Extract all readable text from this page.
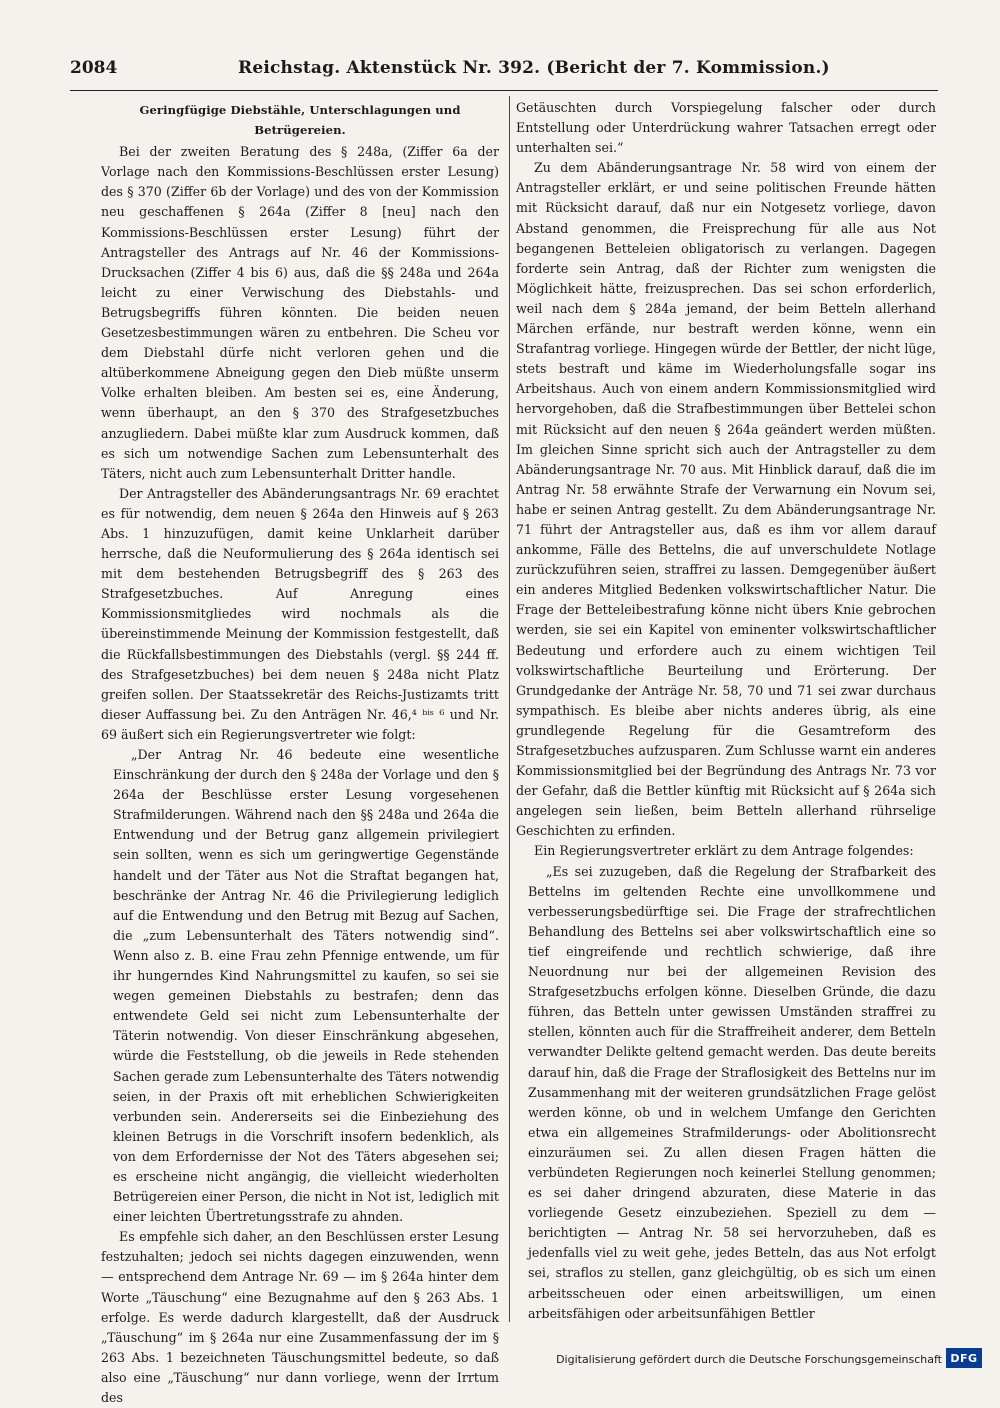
2084	Reichstag. Aktenstück Nr. 392. (Bericht der 7. Kommission.)
Geringfügige Diebstähle, Unterschlagungen und Betrügereien.

Bei der zweiten Beratung des § 248a, (Ziffer 6a der Vorlage nach den Kommissions-Beschlüssen erster Lesung) des § 370 (Ziffer 6b der Vorlage) und des von der Kommission neu geschaffenen § 264a (Ziffer 8 [neu] nach den Kommissions-Beschlüssen erster Lesung) führt der Antragsteller des Antrags auf Nr. 46 der Kommissions-Drucksachen (Ziffer 4 bis 6) aus, daß die §§ 248a und 264a leicht zu einer Verwischung des Diebstahls- und Betrugsbegriffs führen könnten. Die beiden neuen Gesetzesbestimmungen wären zu entbehren. Die Scheu vor dem Diebstahl dürfe nicht verloren gehen und die altüberkommene Abneigung gegen den Dieb müßte unserm Volke erhalten bleiben. Am besten sei es, eine Änderung, wenn überhaupt, an den § 370 des Strafgesetzbuches anzugliedern. Dabei müßte klar zum Ausdruck kommen, daß es sich um notwendige Sachen zum Lebensunterhalt des Täters, nicht auch zum Lebensunterhalt Dritter handle.

Der Antragsteller des Abänderungsantrags Nr. 69 erachtet es für notwendig, dem neuen § 264a den Hinweis auf § 263 Abs. 1 hinzuzufügen, damit keine Unklarheit darüber herrsche, daß die Neuformulierung des § 264a identisch sei mit dem bestehenden Betrugsbegriff des § 263 des Strafgesetzbuches. Auf Anregung eines Kommissionsmitgliedes wird nochmals als die übereinstimmende Meinung der Kommission festgestellt, daß die Rückfallsbestimmungen des Diebstahls (vergl. §§ 244 ff. des Strafgesetzbuches) bei dem neuen § 248a nicht Platz greifen sollen. Der Staatssekretär des Reichs-Justizamts tritt dieser Auffassung bei. Zu den Anträgen Nr. 46,⁴ ᵇⁱˢ ⁶ und Nr. 69 äußert sich ein Regierungsvertreter wie folgt:

„Der Antrag Nr. 46 bedeute eine wesentliche Einschränkung der durch den § 248a der Vorlage und den § 264a der Beschlüsse erster Lesung vorgesehenen Strafmilderungen. Während nach den §§ 248a und 264a die Entwendung und der Betrug ganz allgemein privilegiert sein sollten, wenn es sich um geringwertige Gegenstände handelt und der Täter aus Not die Straftat begangen hat, beschränke der Antrag Nr. 46 die Privilegierung lediglich auf die Entwendung und den Betrug mit Bezug auf Sachen, die „zum Lebensunterhalt des Täters notwendig sind“. Wenn also z. B. eine Frau zehn Pfennige entwende, um für ihr hungerndes Kind Nahrungsmittel zu kaufen, so sei sie wegen gemeinen Diebstahls zu bestrafen; denn das entwendete Geld sei nicht zum Lebensunterhalte der Täterin notwendig. Von dieser Einschränkung abgesehen, würde die Feststellung, ob die jeweils in Rede stehenden Sachen gerade zum Lebensunterhalte des Täters notwendig seien, in der Praxis oft mit erheblichen Schwierigkeiten verbunden sein. Andererseits sei die Einbeziehung des kleinen Betrugs in die Vorschrift insofern bedenklich, als von dem Erfordernisse der Not des Täters abgesehen sei; es erscheine nicht angängig, die vielleicht wiederholten Betrügereien einer Person, die nicht in Not ist, lediglich mit einer leichten Übertretungsstrafe zu ahnden.

Es empfehle sich daher, an den Beschlüssen erster Lesung festzuhalten; jedoch sei nichts dagegen einzuwenden, wenn — entsprechend dem Antrage Nr. 69 — im § 264a hinter dem Worte „Täuschung“ eine Bezugnahme auf den § 263 Abs. 1 erfolge. Es werde dadurch klargestellt, daß der Ausdruck „Täuschung“ im § 264a nur eine Zusammenfassung der im § 263 Abs. 1 bezeichneten Täuschungsmittel bedeute, so daß also eine „Täuschung“ nur dann vorliege, wenn der Irrtum des

Getäuschten durch Vorspiegelung falscher oder durch Entstellung oder Unterdrückung wahrer Tatsachen erregt oder unterhalten sei.“

Zu dem Abänderungsantrage Nr. 58 wird von einem der Antragsteller erklärt, er und seine politischen Freunde hätten mit Rücksicht darauf, daß nur ein Notgesetz vorliege, davon Abstand genommen, die Freisprechung für alle aus Not begangenen Betteleien obligatorisch zu verlangen. Dagegen forderte sein Antrag, daß der Richter zum wenigsten die Möglichkeit hätte, freizusprechen. Das sei schon erforderlich, weil nach dem § 284a jemand, der beim Betteln allerhand Märchen erfände, nur bestraft werden könne, wenn ein Strafantrag vorliege. Hingegen würde der Bettler, der nicht lüge, stets bestraft und käme im Wiederholungsfalle sogar ins Arbeitshaus. Auch von einem andern Kommissionsmitglied wird hervorgehoben, daß die Strafbestimmungen über Bettelei schon mit Rücksicht auf den neuen § 264a geändert werden müßten. Im gleichen Sinne spricht sich auch der Antragsteller zu dem Abänderungsantrage Nr. 70 aus. Mit Hinblick darauf, daß die im Antrag Nr. 58 erwähnte Strafe der Verwarnung ein Novum sei, habe er seinen Antrag gestellt. Zu dem Abänderungsantrage Nr. 71 führt der Antragsteller aus, daß es ihm vor allem darauf ankomme, Fälle des Bettelns, die auf unverschuldete Notlage zurückzuführen seien, straffrei zu lassen. Demgegenüber äußert ein anderes Mitglied Bedenken volkswirtschaftlicher Natur. Die Frage der Betteleibestrafung könne nicht übers Knie gebrochen werden, sie sei ein Kapitel von eminenter volkswirtschaftlicher Bedeutung und erfordere auch zu einem wichtigen Teil volkswirtschaftliche Beurteilung und Erörterung. Der Grundgedanke der Anträge Nr. 58, 70 und 71 sei zwar durchaus sympathisch. Es bleibe aber nichts anderes übrig, als eine grundlegende Regelung für die Gesamtreform des Strafgesetzbuches aufzusparen. Zum Schlusse warnt ein anderes Kommissionsmitglied bei der Begründung des Antrags Nr. 73 vor der Gefahr, daß die Bettler künftig mit Rücksicht auf § 264a sich angelegen sein ließen, beim Betteln allerhand rührselige Geschichten zu erfinden.

Ein Regierungsvertreter erklärt zu dem Antrage folgendes:

„Es sei zuzugeben, daß die Regelung der Strafbarkeit des Bettelns im geltenden Rechte eine unvollkommene und verbesserungsbedürftige sei. Die Frage der strafrechtlichen Behandlung des Bettelns sei aber volkswirtschaftlich eine so tief eingreifende und rechtlich schwierige, daß ihre Neuordnung nur bei der allgemeinen Revision des Strafgesetzbuchs erfolgen könne. Dieselben Gründe, die dazu führen, das Betteln unter gewissen Umständen straffrei zu stellen, könnten auch für die Straffreiheit anderer, dem Betteln verwandter Delikte geltend gemacht werden. Das deute bereits darauf hin, daß die Frage der Straflosigkeit des Bettelns nur im Zusammenhang mit der weiteren grundsätzlichen Frage gelöst werden könne, ob und in welchem Umfange den Gerichten etwa ein allgemeines Strafmilderungs- oder Abolitionsrecht einzuräumen sei. Zu allen diesen Fragen hätten die verbündeten Regierungen noch keinerlei Stellung genommen; es sei daher dringend abzuraten, diese Materie in das vorliegende Gesetz einzubeziehen. Speziell zu dem — berichtigten — Antrag Nr. 58 sei hervorzuheben, daß es jedenfalls viel zu weit gehe, jedes Betteln, das aus Not erfolgt sei, straflos zu stellen, ganz gleichgültig, ob es sich um einen arbeitsscheuen oder einen arbeitswilligen, um einen arbeitsfähigen oder arbeitsunfähigen Bettler

Digitalisierung gefördert durch die Deutsche Forschungsgemeinschaft DFG
